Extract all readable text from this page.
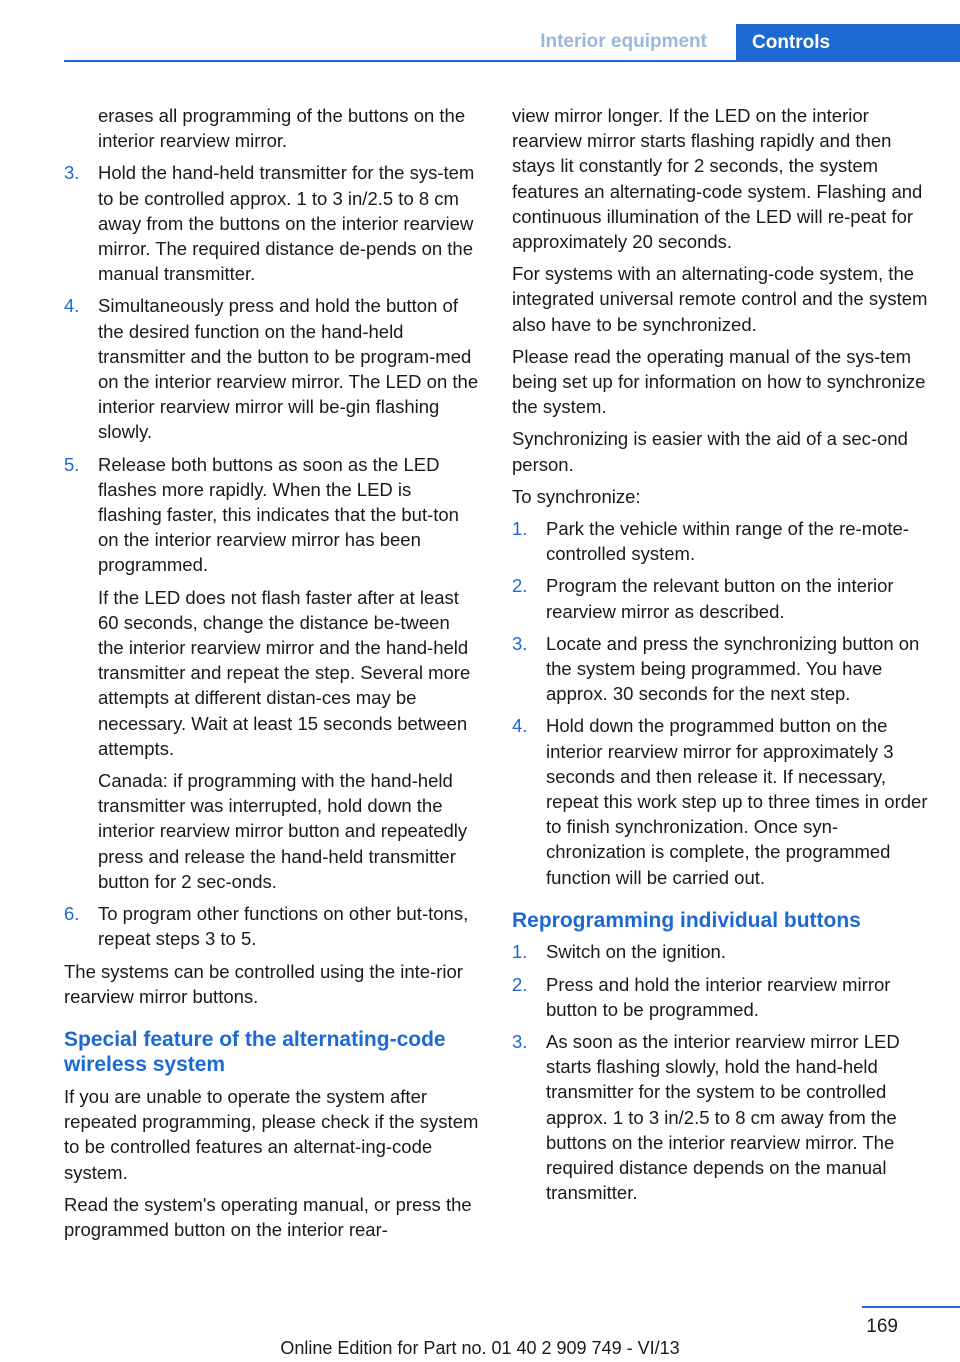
Interior equipment	Controls

erases all programming of the buttons on the interior rearview mirror.

3.	Hold the hand-held transmitter for the sys-tem to be controlled approx. 1 to 3 in/2.5 to 8 cm away from the buttons on the interior rearview mirror. The required distance de-pends on the manual transmitter.
4.	Simultaneously press and hold the button of the desired function on the hand-held transmitter and the button to be program-med on the interior rearview mirror. The LED on the interior rearview mirror will be-gin flashing slowly.
5.	Release both buttons as soon as the LED flashes more rapidly. When the LED is flashing faster, this indicates that the but-ton on the interior rearview mirror has been programmed.

If the LED does not flash faster after at least 60 seconds, change the distance be-tween the interior rearview mirror and the hand-held transmitter and repeat the step. Several more attempts at different distan-ces may be necessary. Wait at least 15 seconds between attempts.

Canada: if programming with the hand-held transmitter was interrupted, hold down the interior rearview mirror button and repeatedly press and release the hand-held transmitter button for 2 sec-onds.

6.	To program other functions on other but-tons, repeat steps 3 to 5.

The systems can be controlled using the inte-rior rearview mirror buttons.

Special feature of the alternating-code wireless system

If you are unable to operate the system after repeated programming, please check if the system to be controlled features an alternat-ing-code system.

Read the system's operating manual, or press the programmed button on the interior rear-

view mirror longer. If the LED on the interior rearview mirror starts flashing rapidly and then stays lit constantly for 2 seconds, the system features an alternating-code system. Flashing and continuous illumination of the LED will re-peat for approximately 20 seconds.

For systems with an alternating-code system, the integrated universal remote control and the system also have to be synchronized.

Please read the operating manual of the sys-tem being set up for information on how to synchronize the system.

Synchronizing is easier with the aid of a sec-ond person.

To synchronize:

1.	Park the vehicle within range of the re-mote-controlled system.
2.	Program the relevant button on the interior rearview mirror as described.
3.	Locate and press the synchronizing button on the system being programmed. You have approx. 30 seconds for the next step.
4.	Hold down the programmed button on the interior rearview mirror for approximately 3 seconds and then release it. If necessary, repeat this work step up to three times in order to finish synchronization. Once syn-chronization is complete, the programmed function will be carried out.
Reprogramming individual buttons
1.	Switch on the ignition.
2.	Press and hold the interior rearview mirror button to be programmed.
3.	As soon as the interior rearview mirror LED starts flashing slowly, hold the hand-held transmitter for the system to be controlled approx. 1 to 3 in/2.5 to 8 cm away from the buttons on the interior rearview mirror. The required distance depends on the manual transmitter.
169
Online Edition for Part no. 01 40 2 909 749 - VI/13
